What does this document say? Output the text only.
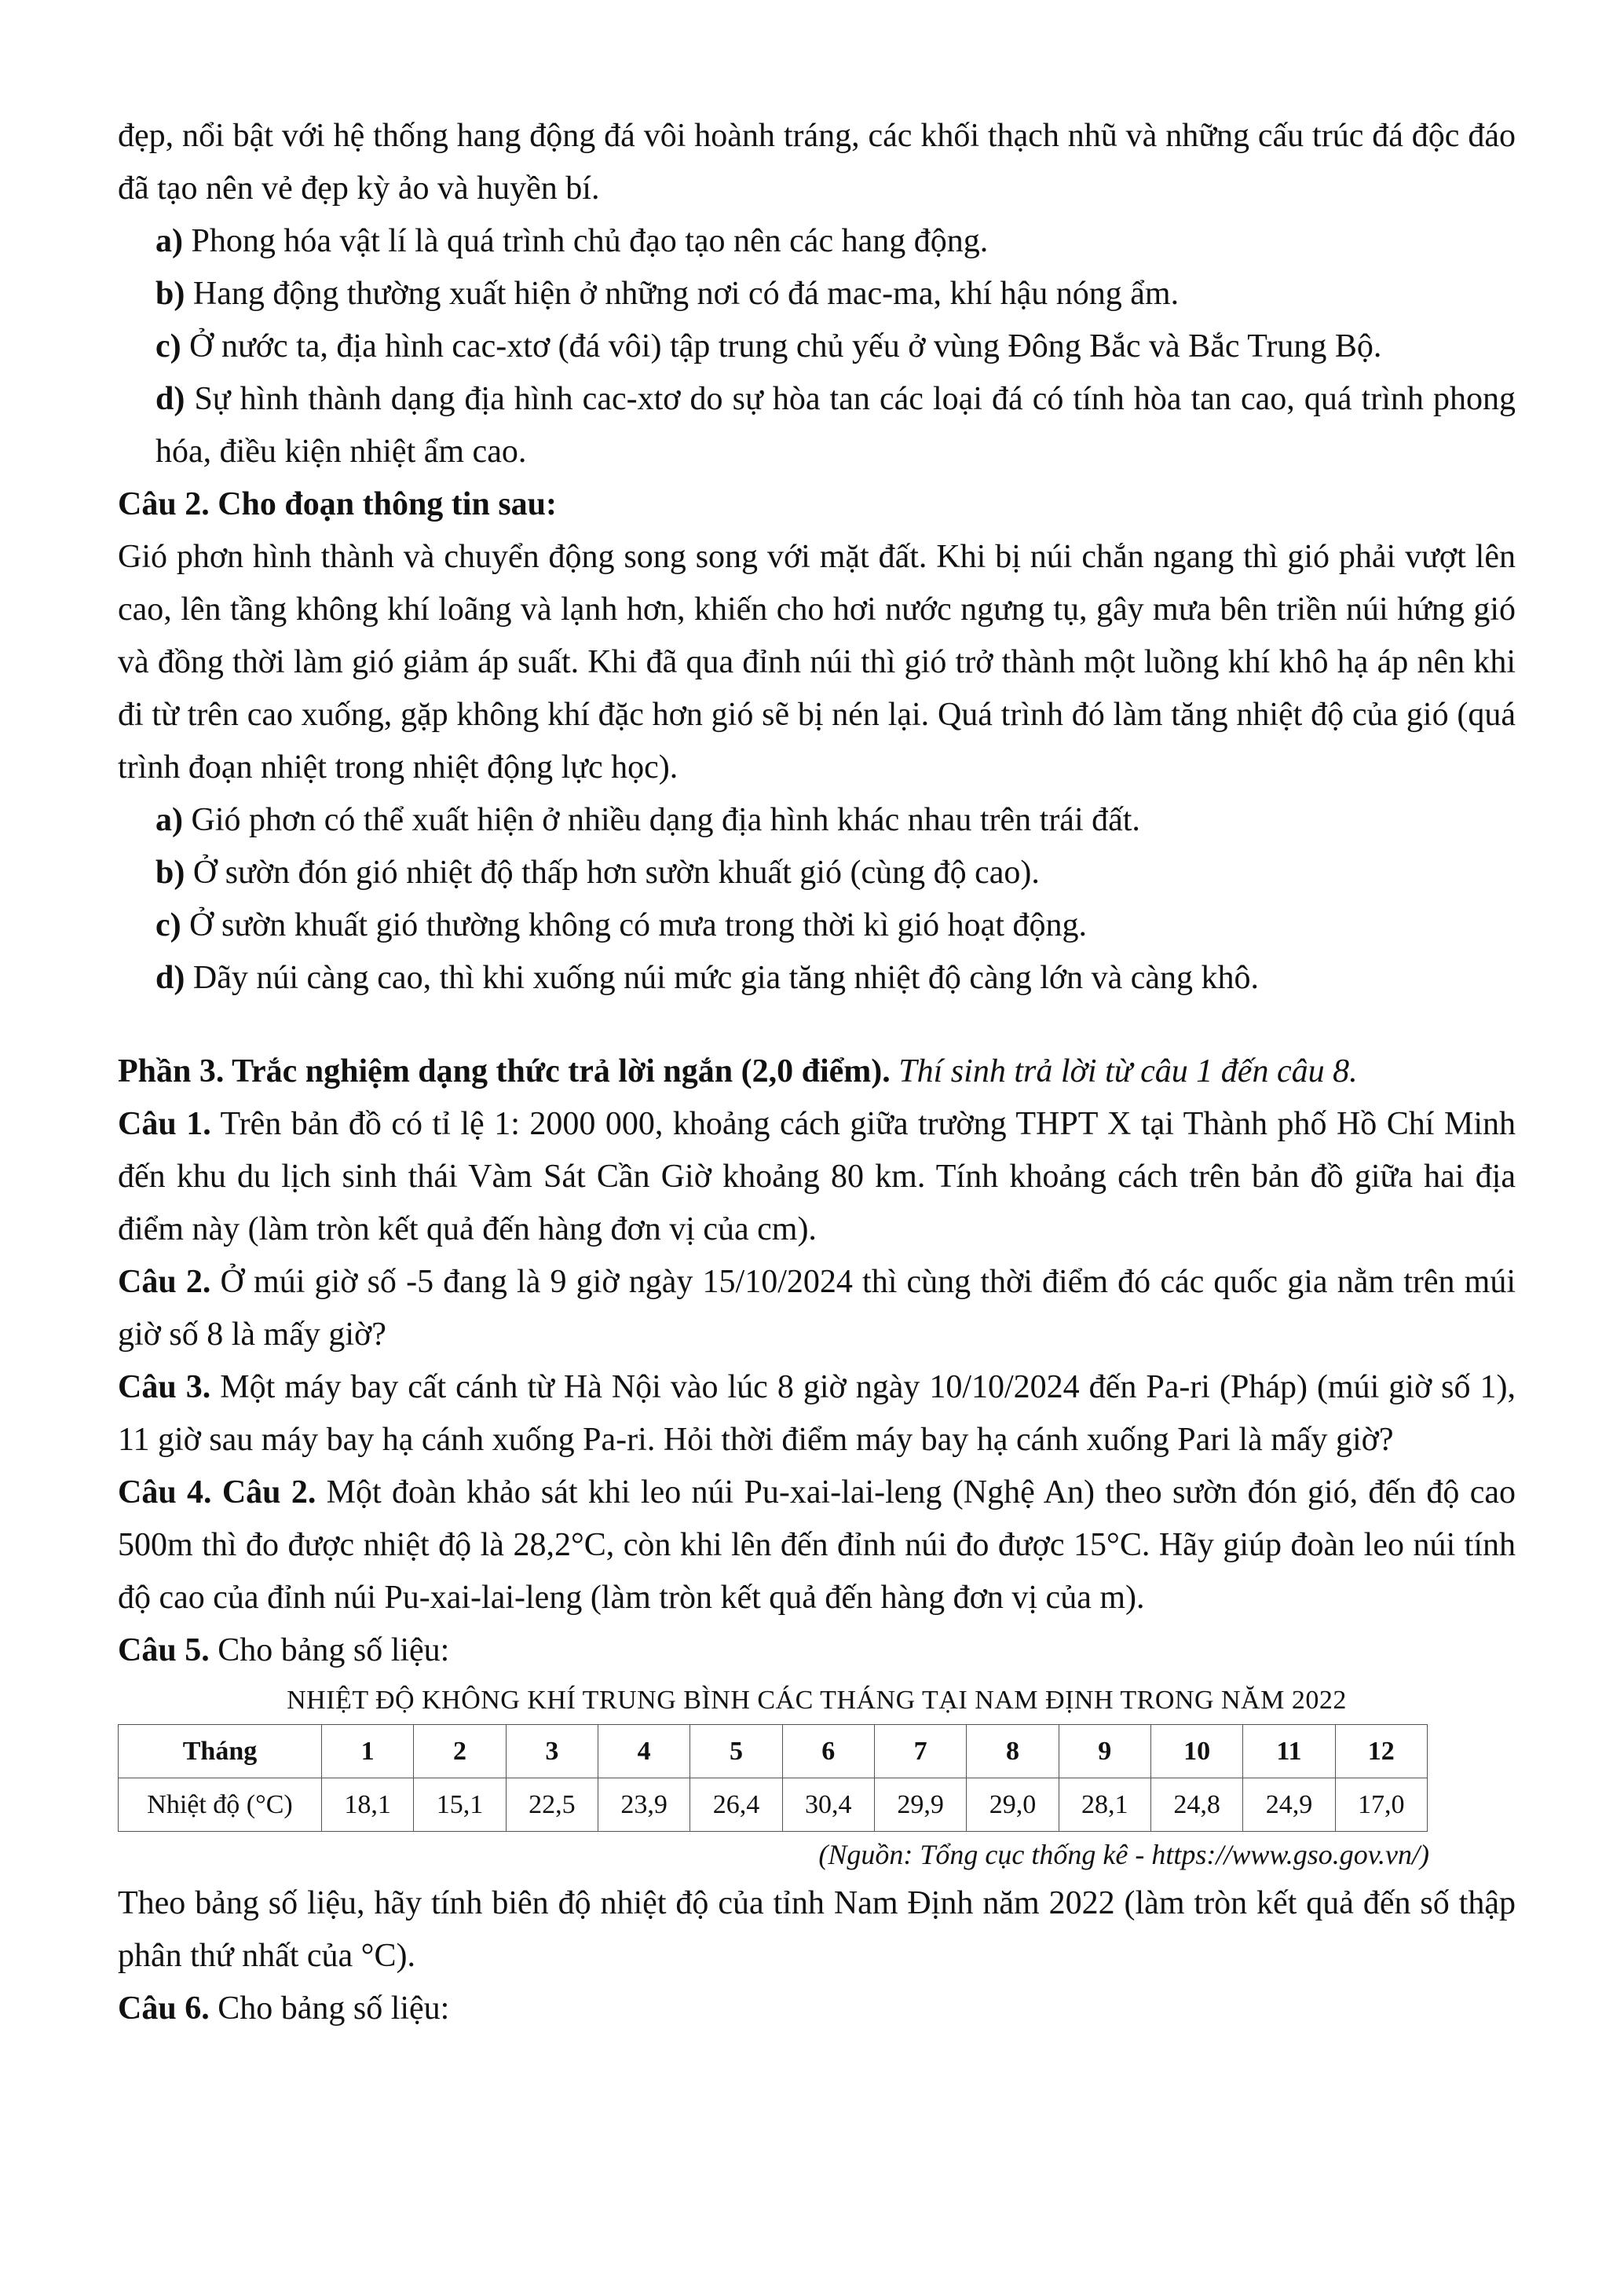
đẹp, nổi bật với hệ thống hang động đá vôi hoành tráng, các khối thạch nhũ và những cấu trúc đá độc đáo đã tạo nên vẻ đẹp kỳ ảo và huyền bí.

a) Phong hóa vật lí là quá trình chủ đạo tạo nên các hang động.

b) Hang động thường xuất hiện ở những nơi có đá mac-ma, khí hậu nóng ẩm.

c) Ở nước ta, địa hình cac-xtơ (đá vôi) tập trung chủ yếu ở vùng Đông Bắc và Bắc Trung Bộ.

d) Sự hình thành dạng địa hình cac-xtơ do sự hòa tan các loại đá có tính hòa tan cao, quá trình phong hóa, điều kiện nhiệt ẩm cao.

Câu 2. Cho đoạn thông tin sau:

Gió phơn hình thành và chuyển động song song với mặt đất. Khi bị núi chắn ngang thì gió phải vượt lên cao, lên tầng không khí loãng và lạnh hơn, khiến cho hơi nước ngưng tụ, gây mưa bên triền núi hứng gió và đồng thời làm gió giảm áp suất. Khi đã qua đỉnh núi thì gió trở thành một luồng khí khô hạ áp nên khi đi từ trên cao xuống, gặp không khí đặc hơn gió sẽ bị nén lại. Quá trình đó làm tăng nhiệt độ của gió (quá trình đoạn nhiệt trong nhiệt động lực học).

a) Gió phơn có thể xuất hiện ở nhiều dạng địa hình khác nhau trên trái đất.

b) Ở sườn đón gió nhiệt độ thấp hơn sườn khuất gió (cùng độ cao).

c) Ở sườn khuất gió thường không có mưa trong thời kì gió hoạt động.

d) Dãy núi càng cao, thì khi xuống núi mức gia tăng nhiệt độ càng lớn và càng khô.

Phần 3. Trắc nghiệm dạng thức trả lời ngắn (2,0 điểm). Thí sinh trả lời từ câu 1 đến câu 8.

Câu 1. Trên bản đồ có tỉ lệ 1: 2000 000, khoảng cách giữa trường THPT X tại Thành phố Hồ Chí Minh đến khu du lịch sinh thái Vàm Sát Cần Giờ khoảng 80 km. Tính khoảng cách trên bản đồ giữa hai địa điểm này (làm tròn kết quả đến hàng đơn vị của cm).

Câu 2. Ở múi giờ số -5 đang là 9 giờ ngày 15/10/2024 thì cùng thời điểm đó các quốc gia nằm trên múi giờ số 8 là mấy giờ?

Câu 3. Một máy bay cất cánh từ Hà Nội vào lúc 8 giờ ngày 10/10/2024 đến Pa-ri (Pháp) (múi giờ số 1), 11 giờ sau máy bay hạ cánh xuống Pa-ri. Hỏi thời điểm máy bay hạ cánh xuống Pari là mấy giờ?

Câu 4. Câu 2. Một đoàn khảo sát khi leo núi Pu-xai-lai-leng (Nghệ An) theo sườn đón gió, đến độ cao 500m thì đo được nhiệt độ là 28,2°C, còn khi lên đến đỉnh núi đo được 15°C. Hãy giúp đoàn leo núi tính độ cao của đỉnh núi Pu-xai-lai-leng (làm tròn kết quả đến hàng đơn vị của m).

Câu 5. Cho bảng số liệu:

NHIỆT ĐỘ KHÔNG KHÍ TRUNG BÌNH CÁC THÁNG TẠI NAM ĐỊNH TRONG NĂM 2022
Tháng	1	2	3	4	5	6	7	8	9	10	11	12
Nhiệt độ (°C)	18,1	15,1	22,5	23,9	26,4	30,4	29,9	29,0	28,1	24,8	24,9	17,0
(Nguồn: Tổng cục thống kê - https://www.gso.gov.vn/)

Theo bảng số liệu, hãy tính biên độ nhiệt độ của tỉnh Nam Định năm 2022 (làm tròn kết quả đến số thập phân thứ nhất của °C).

Câu 6. Cho bảng số liệu:
